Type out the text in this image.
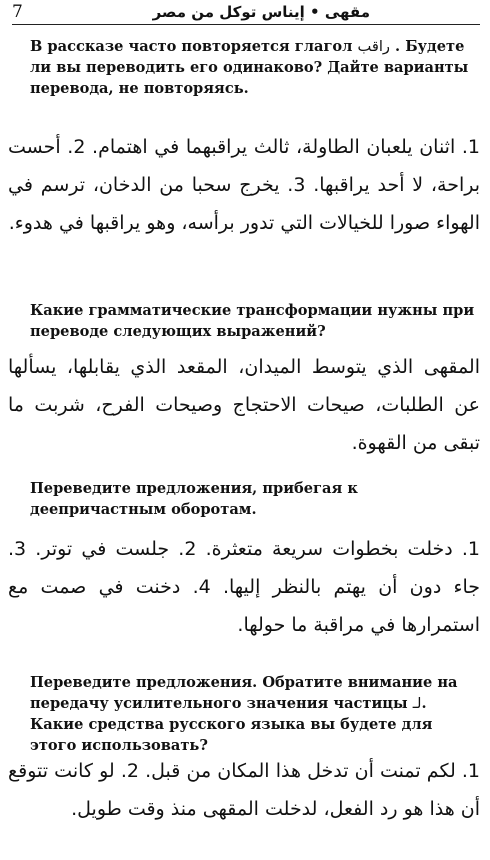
7	مقهى • إيناس توكل من مصر
В рассказе часто повторяется глагол راقب . Будете ли вы переводить его одинаково? Дайте варианты перевода, не повторяясь.
1. اثنان يلعبان الطاولة، ثالث يراقبهما في اهتمام. 2. أحست براحة، لا أحد يراقبها. 3. يخرج سحبا من الدخان، ترسم في الهواء صورا للخيالات التي تدور برأسه، وهو يراقبها في هدوء.
Какие грамматические трансформации нужны при переводе следующих выражений?
المقهى الذي يتوسط الميدان، المقعد الذي يقابلها، يسألها عن الطلبات، صيحات الاحتجاج وصيحات الفرح، شربت ما تبقى من القهوة.
Переведите предложения, прибегая к деепричастным оборотам.
1. دخلت بخطوات سريعة متعثرة. 2. جلست في توتر. 3. جاء دون أن يهتم بالنظر إليها. 4. دخنت في صمت مع استمرارها في مراقبة ما حولها.
Переведите предложения. Обратите внимание на передачу усилительного значения частицы لـ. Какие средства русского языка вы будете для этого использовать?
1. لكم تمنت أن تدخل هذا المكان من قبل. 2. لو كانت تتوقع أن هذا هو رد الفعل، لدخلت المقهى منذ وقت طويل.
